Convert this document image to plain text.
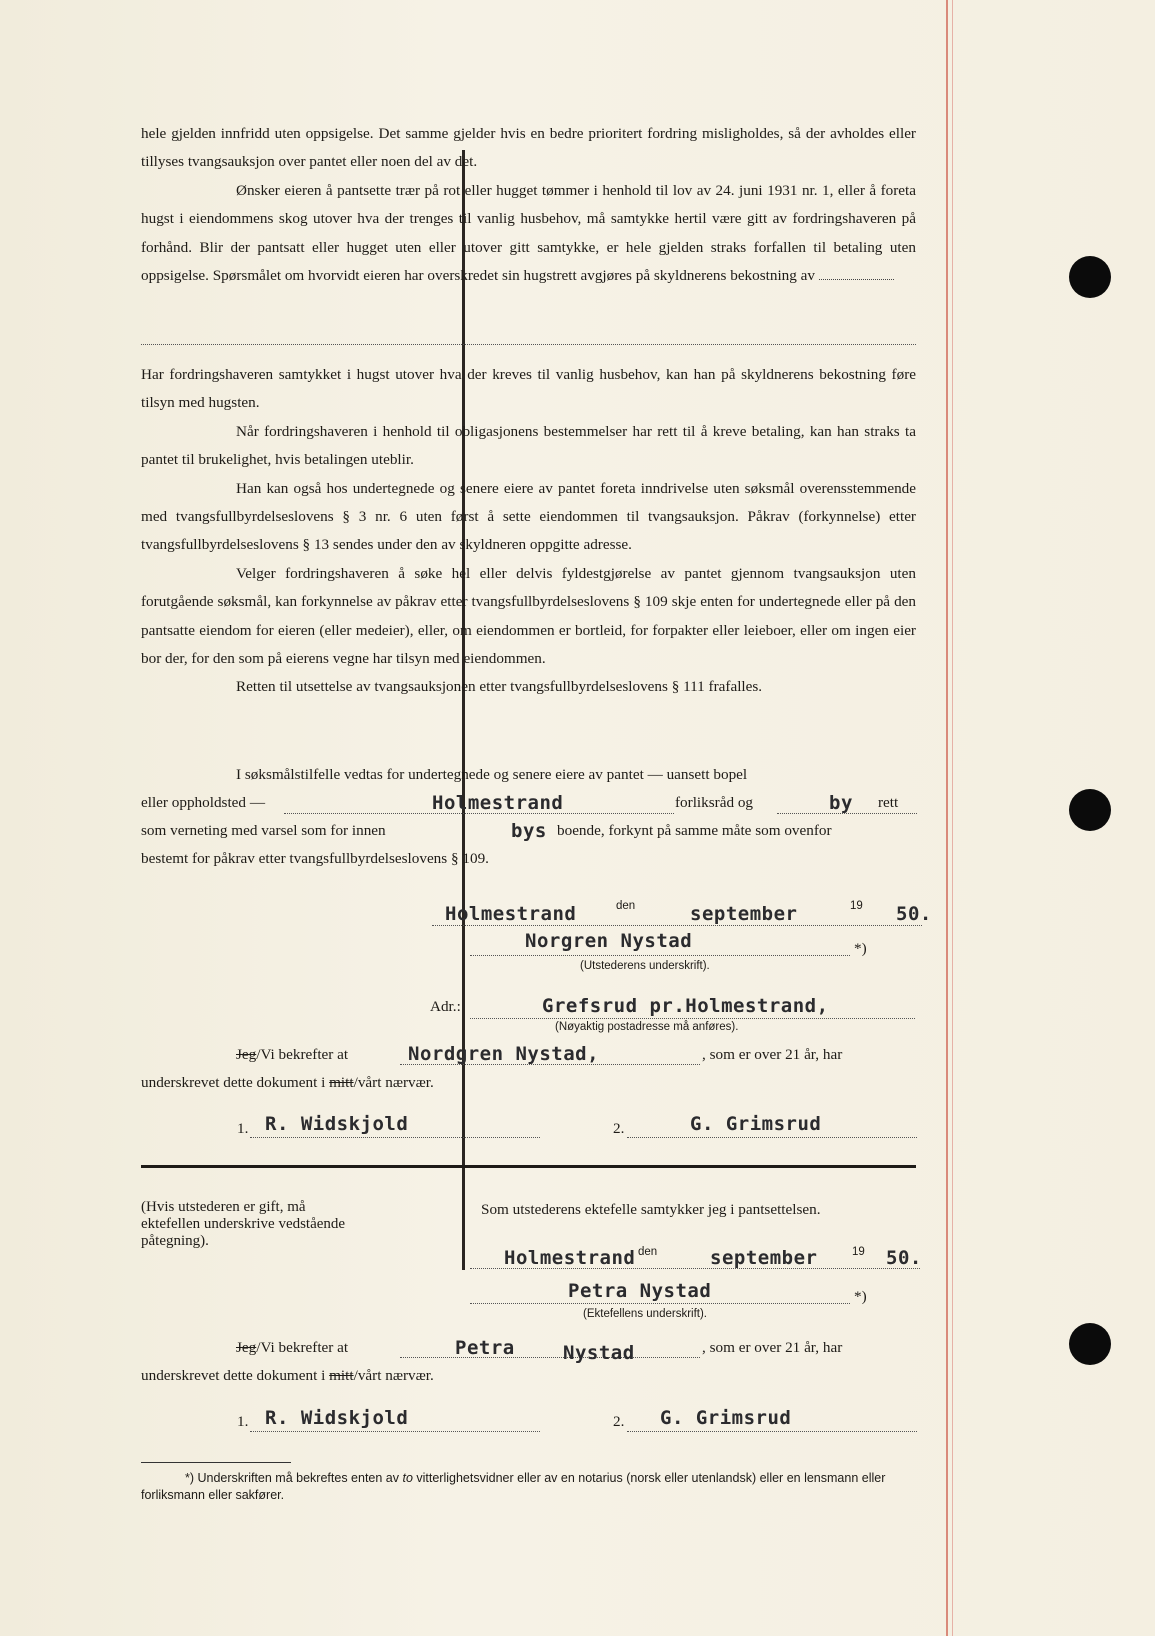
hele gjelden innfridd uten oppsigelse. Det samme gjelder hvis en bedre prioritert fordring misligholdes, så der avholdes eller tillyses tvangsauksjon over pantet eller noen del av det.

Ønsker eieren å pantsette trær på rot eller hugget tømmer i henhold til lov av 24. juni 1931 nr. 1, eller å foreta hugst i eiendommens skog utover hva der trenges til vanlig husbehov, må samtykke hertil være gitt av fordringshaveren på forhånd. Blir der pantsatt eller hugget uten eller utover gitt samtykke, er hele gjelden straks forfallen til betaling uten oppsigelse. Spørsmålet om hvorvidt eieren har overskredet sin hugstrett avgjøres på skyldnerens bekostning av

Har fordringshaveren samtykket i hugst utover hva der kreves til vanlig husbehov, kan han på skyldnerens bekostning føre tilsyn med hugsten.

Når fordringshaveren i henhold til obligasjonens bestemmelser har rett til å kreve betaling, kan han straks ta pantet til brukelighet, hvis betalingen uteblir.

Han kan også hos undertegnede og senere eiere av pantet foreta inndrivelse uten søksmål overensstemmende med tvangsfullbyrdelseslovens § 3 nr. 6 uten først å sette eiendommen til tvangsauksjon. Påkrav (forkynnelse) etter tvangsfullbyrdelseslovens § 13 sendes under den av skyldneren oppgitte adresse.

Velger fordringshaveren å søke hel eller delvis fyldestgjørelse av pantet gjennom tvangsauksjon uten forutgående søksmål, kan forkynnelse av påkrav etter tvangsfullbyrdelseslovens § 109 skje enten for undertegnede eller på den pantsatte eiendom for eieren (eller medeier), eller, om eiendommen er bortleid, for forpakter eller leieboer, eller om ingen eier bor der, for den som på eierens vegne har tilsyn med eiendommen.

Retten til utsettelse av tvangsauksjonen etter tvangsfullbyrdelseslovens § 111 frafalles.

I søksmålstilfelle vedtas for undertegnede og senere eiere av pantet — uansett bopel
eller oppholdsted —	Holmestrand	forliksråd og	by rett
som verneting med varsel som for innen	bys boende, forkynt på samme måte som ovenfor
bestemt for påkrav etter tvangsfullbyrdelseslovens § 109.
Holmestrand	den	september	19 50.
Norgren Nystad	*)
(Utstederens underskrift).
Adr.:	Grefsrud pr.Holmestrand,
(Nøyaktig postadresse må anføres).
Jeg/Vi bekrefter at	Nordgren Nystad,	, som er over 21 år, har
underskrevet dette dokument i mitt/vårt nærvær.
1. R. Widskjold	2.	G. Grimsrud
(Hvis utstederen er gift, må ektefellen underskrive vedstående påtegning).
Som utstederens ektefelle samtykker jeg i pantsettelsen.
Holmestrand den	september	19 50.
Petra Nystad	*)
(Ektefellens underskrift).
Jeg/Vi bekrefter at	Petra	Nystad	, som er over 21 år, har
underskrevet dette dokument i mitt/vårt nærvær.
1. R. Widskjold	2. G. Grimsrud
*) Underskriften må bekreftes enten av to vitterlighetsvidner eller av en notarius (norsk eller utenlandsk) eller en lensmann eller forliksmann eller sakfører.
